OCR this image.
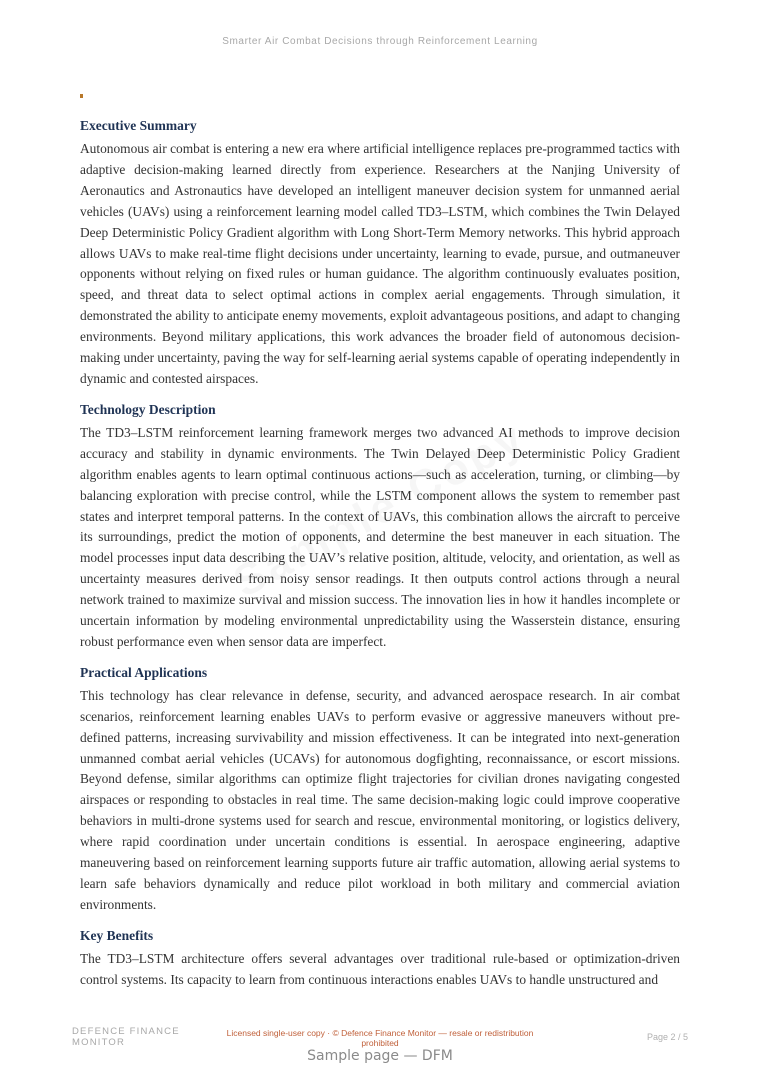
Smarter Air Combat Decisions through Reinforcement Learning
Executive Summary

Autonomous air combat is entering a new era where artificial intelligence replaces pre-programmed tactics with adaptive decision-making learned directly from experience. Researchers at the Nanjing University of Aeronautics and Astronautics have developed an intelligent maneuver decision system for unmanned aerial vehicles (UAVs) using a reinforcement learning model called TD3–LSTM, which combines the Twin Delayed Deep Deterministic Policy Gradient algorithm with Long Short-Term Memory networks. This hybrid approach allows UAVs to make real-time flight decisions under uncertainty, learning to evade, pursue, and outmaneuver opponents without relying on fixed rules or human guidance. The algorithm continuously evaluates position, speed, and threat data to select optimal actions in complex aerial engagements. Through simulation, it demonstrated the ability to anticipate enemy movements, exploit advantageous positions, and adapt to changing environments. Beyond military applications, this work advances the broader field of autonomous decision-making under uncertainty, paving the way for self-learning aerial systems capable of operating independently in dynamic and contested airspaces.

Technology Description

The TD3–LSTM reinforcement learning framework merges two advanced AI methods to improve decision accuracy and stability in dynamic environments. The Twin Delayed Deep Deterministic Policy Gradient algorithm enables agents to learn optimal continuous actions—such as acceleration, turning, or climbing—by balancing exploration with precise control, while the LSTM component allows the system to remember past states and interpret temporal patterns. In the context of UAVs, this combination allows the aircraft to perceive its surroundings, predict the motion of opponents, and determine the best maneuver in each situation. The model processes input data describing the UAV’s relative position, altitude, velocity, and orientation, as well as uncertainty measures derived from noisy sensor readings. It then outputs control actions through a neural network trained to maximize survival and mission success. The innovation lies in how it handles incomplete or uncertain information by modeling environmental unpredictability using the Wasserstein distance, ensuring robust performance even when sensor data are imperfect.

Practical Applications

This technology has clear relevance in defense, security, and advanced aerospace research. In air combat scenarios, reinforcement learning enables UAVs to perform evasive or aggressive maneuvers without pre-defined patterns, increasing survivability and mission effectiveness. It can be integrated into next-generation unmanned combat aerial vehicles (UCAVs) for autonomous dogfighting, reconnaissance, or escort missions. Beyond defense, similar algorithms can optimize flight trajectories for civilian drones navigating congested airspaces or responding to obstacles in real time. The same decision-making logic could improve cooperative behaviors in multi-drone systems used for search and rescue, environmental monitoring, or logistics delivery, where rapid coordination under uncertain conditions is essential. In aerospace engineering, adaptive maneuvering based on reinforcement learning supports future air traffic automation, allowing aerial systems to learn safe behaviors dynamically and reduce pilot workload in both military and commercial aviation environments.

Key Benefits

The TD3–LSTM architecture offers several advantages over traditional rule-based or optimization-driven control systems. Its capacity to learn from continuous interactions enables UAVs to handle unstructured and

DEFENCE FINANCE MONITOR
Licensed single-user copy · © Defence Finance Monitor — resale or redistribution prohibited
Page 2 / 5
Sample page — DFM
